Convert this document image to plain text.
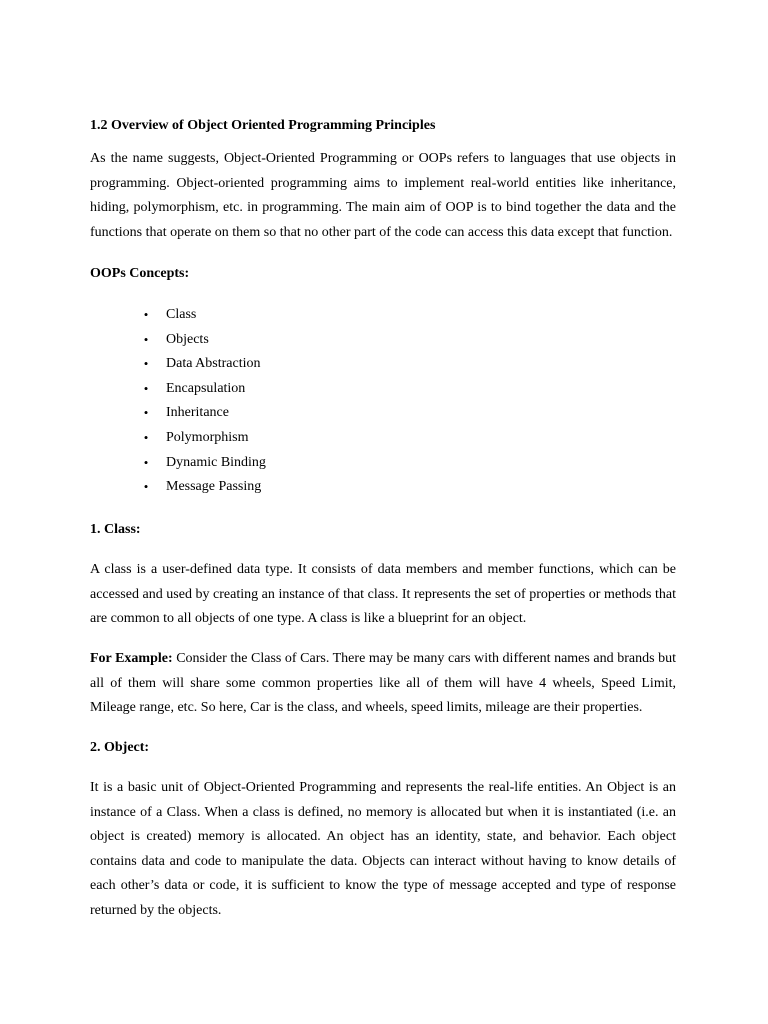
1.2 Overview of Object Oriented Programming Principles

As the name suggests, Object-Oriented Programming or OOPs refers to languages that use objects in programming. Object-oriented programming aims to implement real-world entities like inheritance, hiding, polymorphism, etc. in programming. The main aim of OOP is to bind together the data and the functions that operate on them so that no other part of the code can access this data except that function.

OOPs Concepts:
• Class
• Objects
• Data Abstraction
• Encapsulation
• Inheritance
• Polymorphism
• Dynamic Binding
• Message Passing
1. Class:

A class is a user-defined data type. It consists of data members and member functions, which can be accessed and used by creating an instance of that class. It represents the set of properties or methods that are common to all objects of one type. A class is like a blueprint for an object.

For Example: Consider the Class of Cars. There may be many cars with different names and brands but all of them will share some common properties like all of them will have 4 wheels, Speed Limit, Mileage range, etc. So here, Car is the class, and wheels, speed limits, mileage are their properties.

2. Object:

It is a basic unit of Object-Oriented Programming and represents the real-life entities. An Object is an instance of a Class. When a class is defined, no memory is allocated but when it is instantiated (i.e. an object is created) memory is allocated. An object has an identity, state, and behavior. Each object contains data and code to manipulate the data. Objects can interact without having to know details of each other’s data or code, it is sufficient to know the type of message accepted and type of response returned by the objects.
